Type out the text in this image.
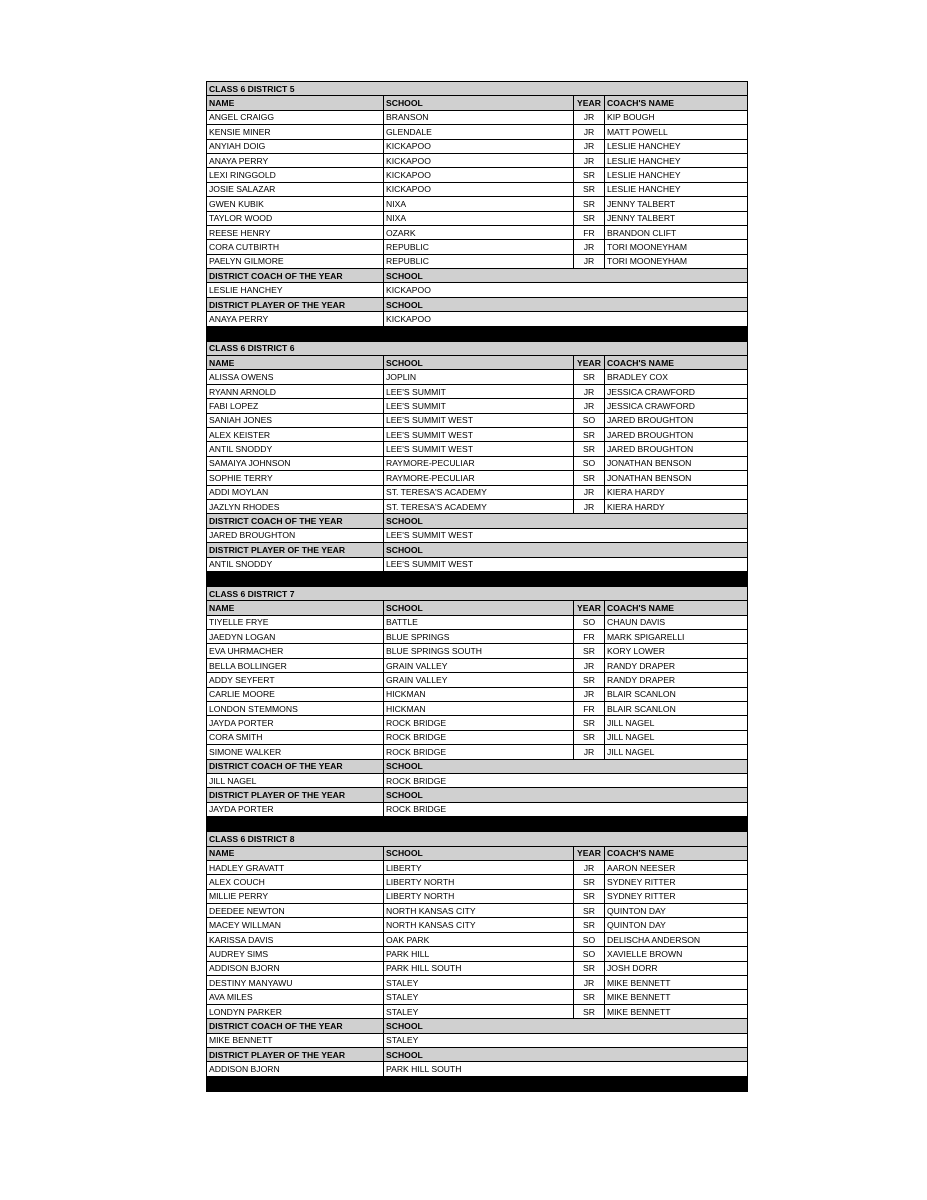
CLASS 6 DISTRICT 5			
NAME	SCHOOL	YEAR	COACH'S NAME
ANGEL CRAIGG	BRANSON	JR	KIP BOUGH
KENSIE MINER	GLENDALE	JR	MATT POWELL
ANYIAH DOIG	KICKAPOO	JR	LESLIE HANCHEY
ANAYA PERRY	KICKAPOO	JR	LESLIE HANCHEY
LEXI RINGGOLD	KICKAPOO	SR	LESLIE HANCHEY
JOSIE SALAZAR	KICKAPOO	SR	LESLIE HANCHEY
GWEN KUBIK	NIXA	SR	JENNY TALBERT
TAYLOR WOOD	NIXA	SR	JENNY TALBERT
REESE HENRY	OZARK	FR	BRANDON CLIFT
CORA CUTBIRTH	REPUBLIC	JR	TORI MOONEYHAM
PAELYN GILMORE	REPUBLIC	JR	TORI MOONEYHAM
DISTRICT COACH OF THE YEAR	SCHOOL		
LESLIE HANCHEY	KICKAPOO		
DISTRICT PLAYER OF THE YEAR	SCHOOL		
ANAYA PERRY	KICKAPOO		

CLASS 6 DISTRICT 6			
NAME	SCHOOL	YEAR	COACH'S NAME
ALISSA OWENS	JOPLIN	SR	BRADLEY COX
RYANN ARNOLD	LEE'S SUMMIT	JR	JESSICA CRAWFORD
FABI LOPEZ	LEE'S SUMMIT	JR	JESSICA CRAWFORD
SANIAH JONES	LEE'S SUMMIT WEST	SO	JARED BROUGHTON
ALEX KEISTER	LEE'S SUMMIT WEST	SR	JARED BROUGHTON
ANTIL SNODDY	LEE'S SUMMIT WEST	SR	JARED BROUGHTON
SAMAIYA JOHNSON	RAYMORE-PECULIAR	SO	JONATHAN BENSON
SOPHIE TERRY	RAYMORE-PECULIAR	SR	JONATHAN BENSON
ADDI MOYLAN	ST. TERESA'S ACADEMY	JR	KIERA HARDY
JAZLYN RHODES	ST. TERESA'S ACADEMY	JR	KIERA HARDY
DISTRICT COACH OF THE YEAR	SCHOOL		
JARED BROUGHTON	LEE'S SUMMIT WEST		
DISTRICT PLAYER OF THE YEAR	SCHOOL		
ANTIL SNODDY	LEE'S SUMMIT WEST		

CLASS 6 DISTRICT 7			
NAME	SCHOOL	YEAR	COACH'S NAME
TIYELLE FRYE	BATTLE	SO	CHAUN DAVIS
JAEDYN LOGAN	BLUE SPRINGS	FR	MARK SPIGARELLI
EVA UHRMACHER	BLUE SPRINGS SOUTH	SR	KORY LOWER
BELLA BOLLINGER	GRAIN VALLEY	JR	RANDY DRAPER
ADDY SEYFERT	GRAIN VALLEY	SR	RANDY DRAPER
CARLIE MOORE	HICKMAN	JR	BLAIR SCANLON
LONDON STEMMONS	HICKMAN	FR	BLAIR SCANLON
JAYDA PORTER	ROCK BRIDGE	SR	JILL NAGEL
CORA SMITH	ROCK BRIDGE	SR	JILL NAGEL
SIMONE WALKER	ROCK BRIDGE	JR	JILL NAGEL
DISTRICT COACH OF THE YEAR	SCHOOL		
JILL NAGEL	ROCK BRIDGE		
DISTRICT PLAYER OF THE YEAR	SCHOOL		
JAYDA PORTER	ROCK BRIDGE		

CLASS 6 DISTRICT 8			
NAME	SCHOOL	YEAR	COACH'S NAME
HADLEY GRAVATT	LIBERTY	JR	AARON NEESER
ALEX COUCH	LIBERTY NORTH	SR	SYDNEY RITTER
MILLIE PERRY	LIBERTY NORTH	SR	SYDNEY RITTER
DEEDEE NEWTON	NORTH KANSAS CITY	SR	QUINTON DAY
MACEY WILLMAN	NORTH KANSAS CITY	SR	QUINTON DAY
KARISSA DAVIS	OAK PARK	SO	DELISCHA ANDERSON
AUDREY SIMS	PARK HILL	SO	XAVIELLE BROWN
ADDISON BJORN	PARK HILL SOUTH	SR	JOSH DORR
DESTINY MANYAWU	STALEY	JR	MIKE BENNETT
AVA MILES	STALEY	SR	MIKE BENNETT
LONDYN PARKER	STALEY	SR	MIKE BENNETT
DISTRICT COACH OF THE YEAR	SCHOOL		
MIKE BENNETT	STALEY		
DISTRICT PLAYER OF THE YEAR	SCHOOL		
ADDISON BJORN	PARK HILL SOUTH		
